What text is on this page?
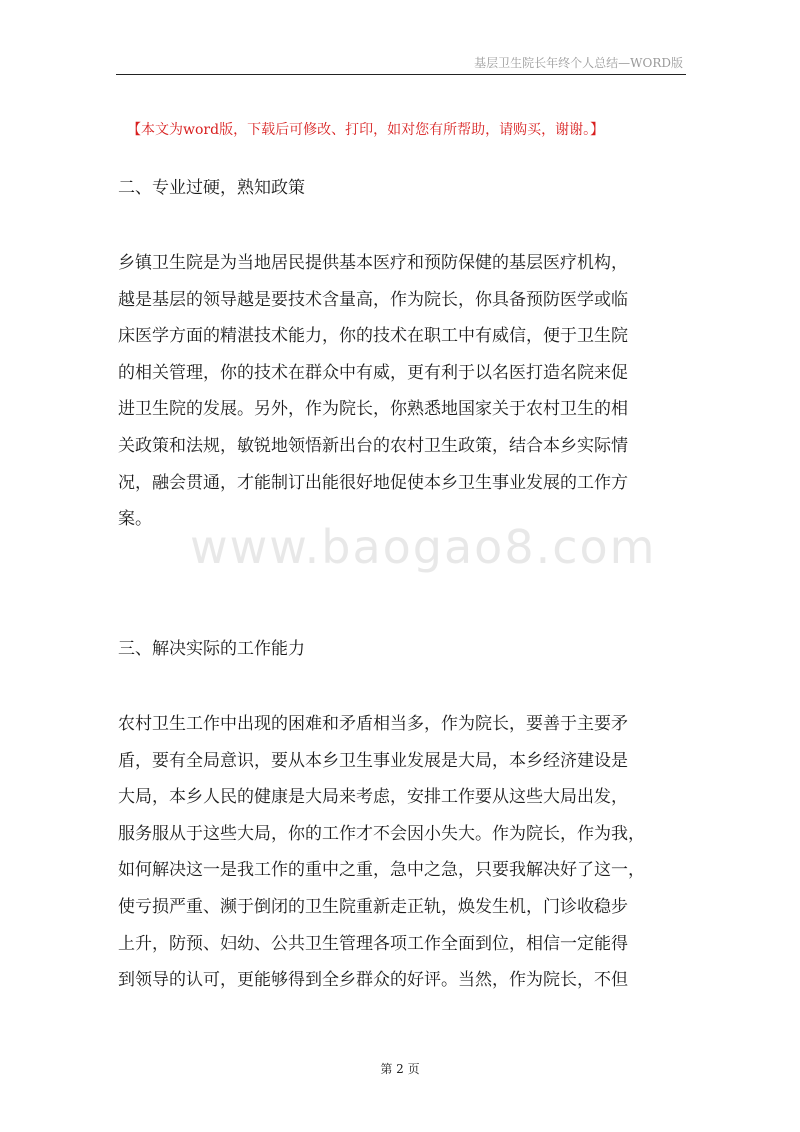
基层卫生院长年终个人总结—WORD版
【本文为word版，下载后可修改、打印，如对您有所帮助，请购买，谢谢。】
二、专业过硬，熟知政策
乡镇卫生院是为当地居民提供基本医疗和预防保健的基层医疗机构，
越是基层的领导越是要技术含量高，作为院长，你具备预防医学或临
床医学方面的精湛技术能力，你的技术在职工中有威信，便于卫生院
的相关管理，你的技术在群众中有威，更有利于以名医打造名院来促
进卫生院的发展。另外，作为院长，你熟悉地国家关于农村卫生的相
关政策和法规，敏锐地领悟新出台的农村卫生政策，结合本乡实际情
况，融会贯通，才能制订出能很好地促使本乡卫生事业发展的工作方
案。
www.baogao8.com
三、解决实际的工作能力
农村卫生工作中出现的困难和矛盾相当多，作为院长，要善于主要矛
盾，要有全局意识，要从本乡卫生事业发展是大局，本乡经济建设是
大局，本乡人民的健康是大局来考虑，安排工作要从这些大局出发，
服务服从于这些大局，你的工作才不会因小失大。作为院长，作为我，
如何解决这一是我工作的重中之重，急中之急，只要我解决好了这一，
使亏损严重、濒于倒闭的卫生院重新走正轨，焕发生机，门诊收稳步
上升，防预、妇幼、公共卫生管理各项工作全面到位，相信一定能得
到领导的认可，更能够得到全乡群众的好评。当然，作为院长，不但
第 2 页
